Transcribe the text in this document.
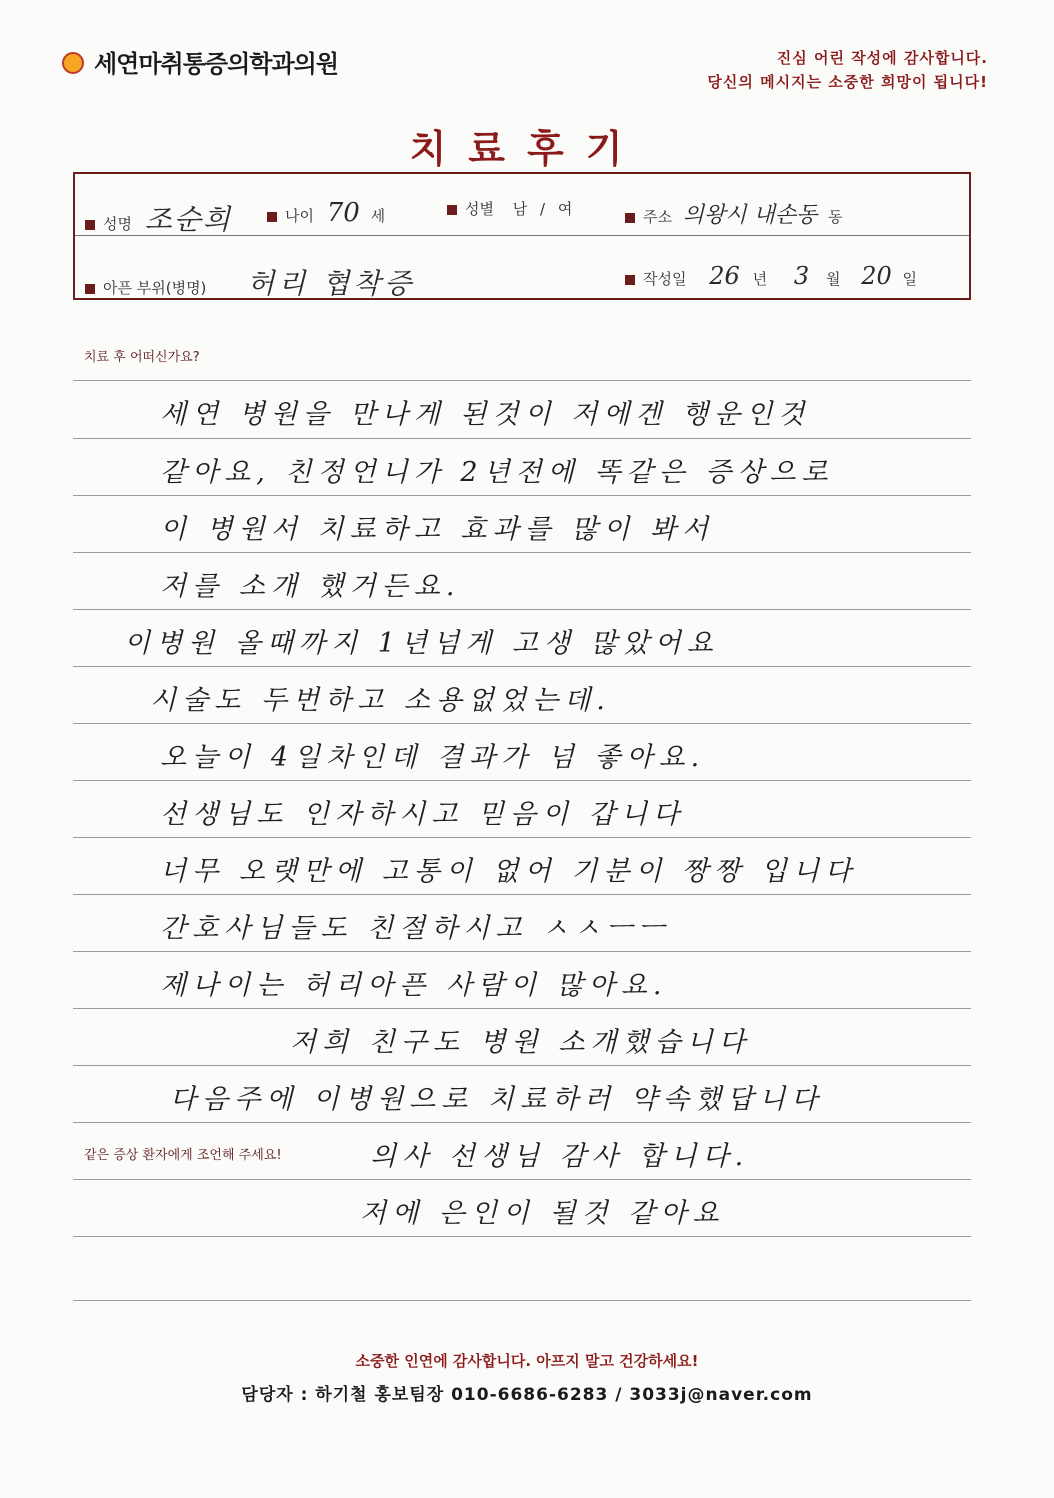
세연마취통증의학과의원	진심 어린 작성에 감사합니다.
당신의 메시지는 소중한 희망이 됩니다!
치료후기
성명 조순희	나이 70 세	성별 남 / 여	주소 의왕시 내손동 동
아픈 부위(병명) 허리 협착증	작성일 26 년 3 월 20 일
치료 후 어떠신가요?
같은 증상 환자에게 조언해 주세요!
세연 병원을 만나게 된것이 저에겐 행운인것
같아요, 친정언니가 2년전에 똑같은 증상으로
이 병원서 치료하고 효과를 많이 봐서
저를 소개 했거든요.
이병원 올때까지 1년넘게 고생 많았어요
시술도 두번하고 소용없었는데.
오늘이 4일차인데 결과가 넘 좋아요.
선생님도 인자하시고 믿음이 갑니다
너무 오랫만에 고통이 없어 기분이 짱짱 입니다
간호사님들도 친절하시고 ㅅㅅㅡㅡ
제나이는 허리아픈 사람이 많아요.
저희 친구도 병원 소개했습니다
다음주에 이병원으로 치료하러 약속했답니다
의사 선생님 감사 합니다.
저에 은인이 될것 같아요
소중한 인연에 감사합니다. 아프지 말고 건강하세요!
담당자 : 하기철 홍보팀장 010-6686-6283 / 3033j@naver.com
